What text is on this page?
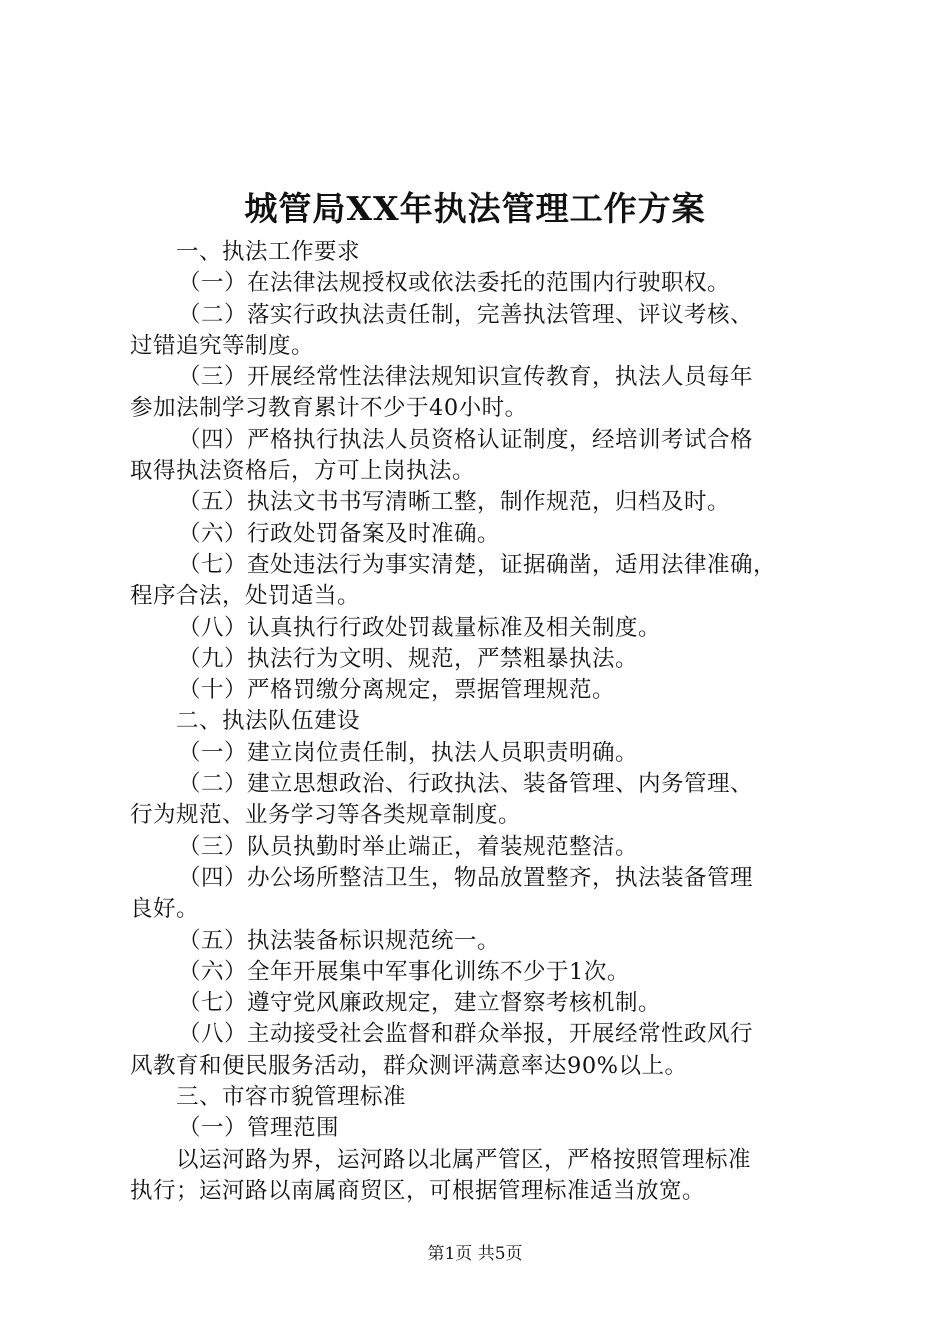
城管局XX年执法管理工作方案
一、执法工作要求
（一）在法律法规授权或依法委托的范围内行驶职权。
（二）落实行政执法责任制，完善执法管理、评议考核、
过错追究等制度。
（三）开展经常性法律法规知识宣传教育，执法人员每年
参加法制学习教育累计不少于40小时。
（四）严格执行执法人员资格认证制度，经培训考试合格
取得执法资格后，方可上岗执法。
（五）执法文书书写清晰工整，制作规范，归档及时。
（六）行政处罚备案及时准确。
（七）查处违法行为事实清楚，证据确凿，适用法律准确，
程序合法，处罚适当。
（八）认真执行行政处罚裁量标准及相关制度。
（九）执法行为文明、规范，严禁粗暴执法。
（十）严格罚缴分离规定，票据管理规范。
二、执法队伍建设
（一）建立岗位责任制，执法人员职责明确。
（二）建立思想政治、行政执法、装备管理、内务管理、
行为规范、业务学习等各类规章制度。
（三）队员执勤时举止端正，着装规范整洁。
（四）办公场所整洁卫生，物品放置整齐，执法装备管理
良好。
（五）执法装备标识规范统一。
（六）全年开展集中军事化训练不少于1次。
（七）遵守党风廉政规定，建立督察考核机制。
（八）主动接受社会监督和群众举报，开展经常性政风行
风教育和便民服务活动，群众测评满意率达90%以上。
三、市容市貌管理标准
（一）管理范围
以运河路为界，运河路以北属严管区，严格按照管理标准
执行；运河路以南属商贸区，可根据管理标准适当放宽。
第1页 共5页
